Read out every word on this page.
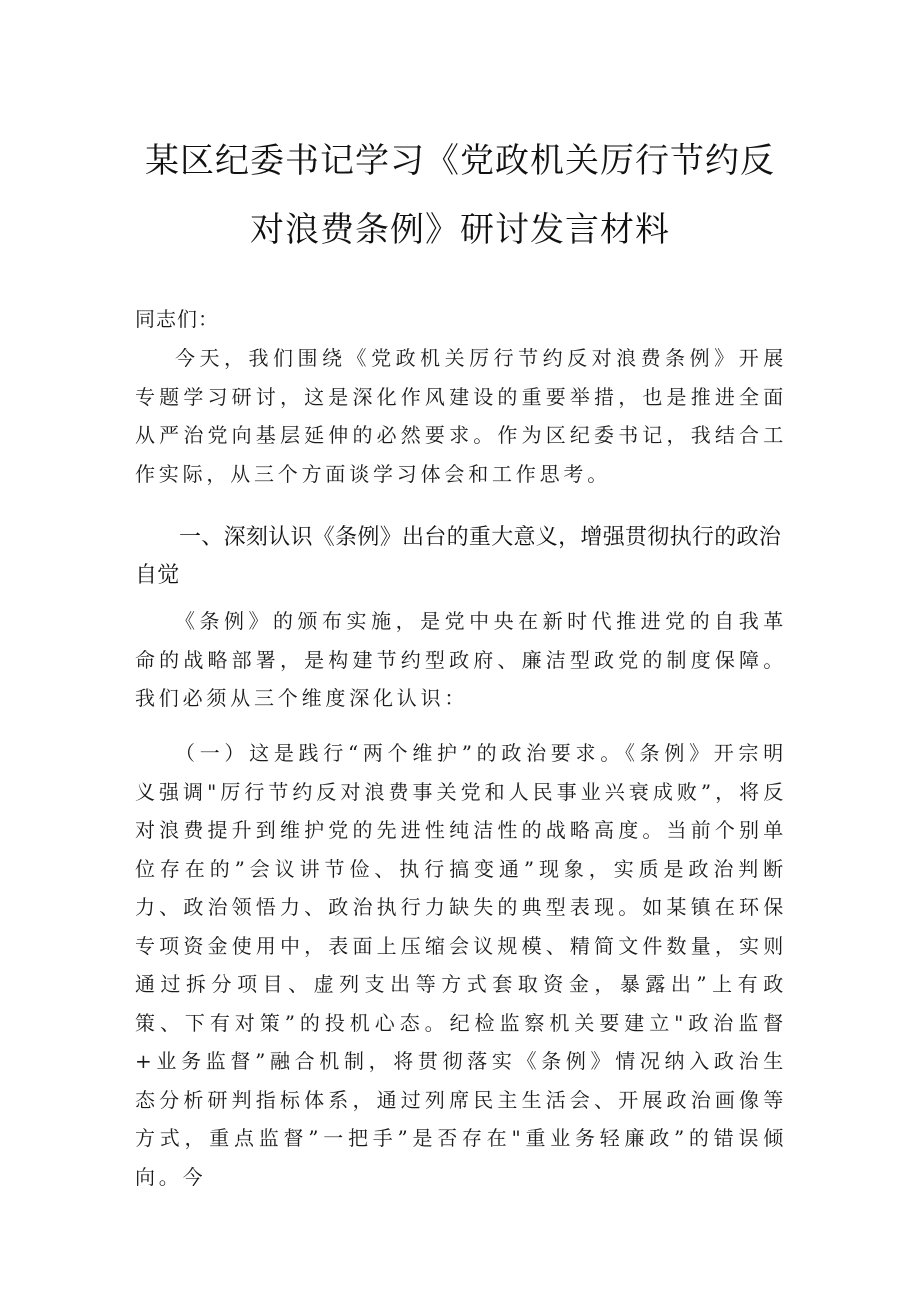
某区纪委书记学习《党政机关厉行节约反
对浪费条例》研讨发言材料
同志们：
今天，我们围绕《党政机关厉行节约反对浪费条例》开展专题学习研讨，这是深化作风建设的重要举措，也是推进全面从严治党向基层延伸的必然要求。作为区纪委书记，我结合工作实际，从三个方面谈学习体会和工作思考。
一、深刻认识《条例》出台的重大意义，增强贯彻执行的政治自觉
《条例》的颁布实施，是党中央在新时代推进党的自我革命的战略部署，是构建节约型政府、廉洁型政党的制度保障。我们必须从三个维度深化认识：
（一）这是践行“两个维护”的政治要求。《条例》开宗明义强调"厉行节约反对浪费事关党和人民事业兴衰成败”，将反对浪费提升到维护党的先进性纯洁性的战略高度。当前个别单位存在的”会议讲节俭、执行搞变通”现象，实质是政治判断力、政治领悟力、政治执行力缺失的典型表现。如某镇在环保专项资金使用中，表面上压缩会议规模、精简文件数量，实则通过拆分项目、虚列支出等方式套取资金，暴露出”上有政策、下有对策”的投机心态。纪检监察机关要建立"政治监督+业务监督”融合机制，将贯彻落实《条例》情况纳入政治生态分析研判指标体系，通过列席民主生活会、开展政治画像等方式，重点监督”一把手”是否存在"重业务轻廉政”的错误倾向。今
